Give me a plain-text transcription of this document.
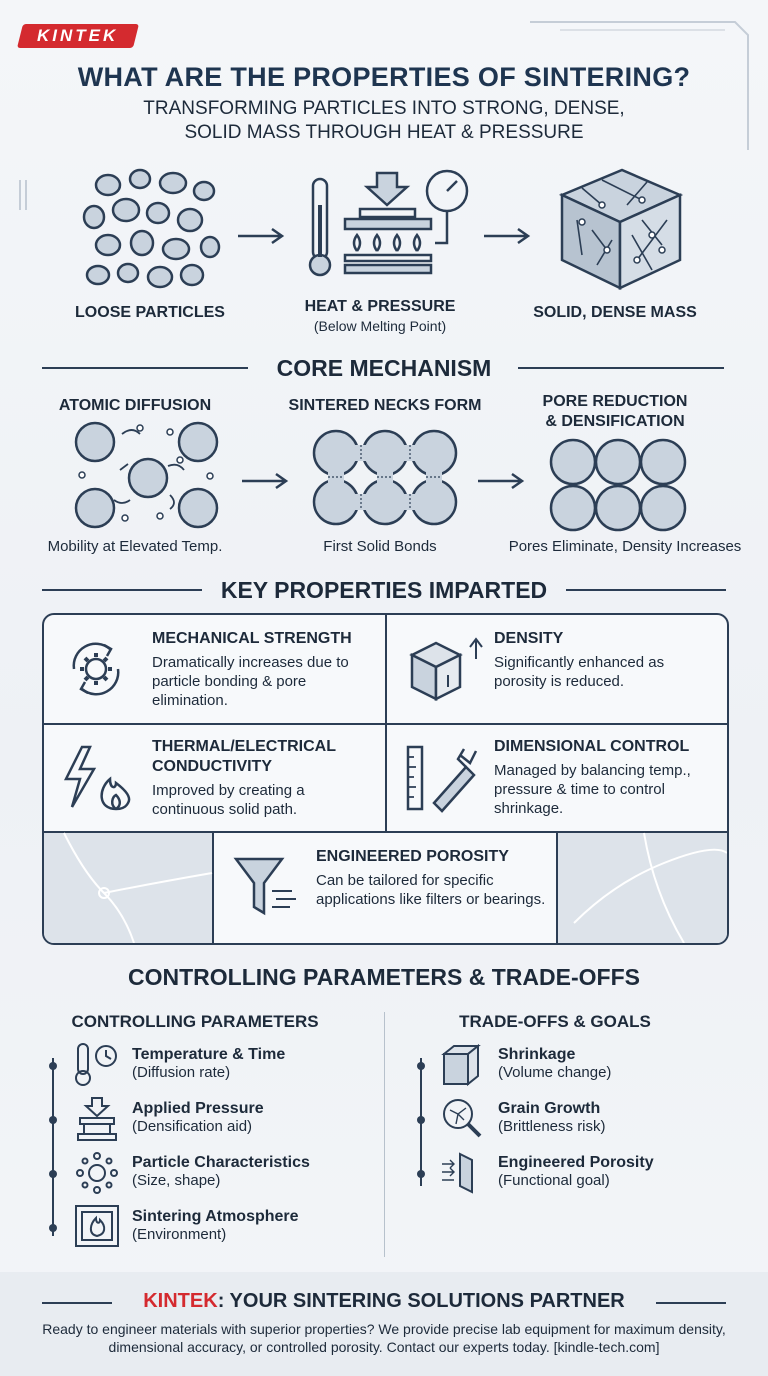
KINTEK
WHAT ARE THE PROPERTIES OF SINTERING?
TRANSFORMING PARTICLES INTO STRONG, DENSE,
SOLID MASS THROUGH HEAT & PRESSURE
LOOSE PARTICLES	HEAT & PRESSURE
(Below Melting Point)
SOLID, DENSE MASS
CORE MECHANISM
ATOMIC DIFFUSION	SINTERED NECKS FORM	PORE REDUCTION
& DENSIFICATION
Mobility at Elevated Temp.	First Solid Bonds	Pores Eliminate, Density Increases
KEY PROPERTIES IMPARTED
MECHANICAL STRENGTH
Dramatically increases due to particle bonding & pore elimination.
DENSITY
Significantly enhanced as porosity is reduced.
THERMAL/ELECTRICAL CONDUCTIVITY
Improved by creating a continuous solid path.
DIMENSIONAL CONTROL
Managed by balancing temp., pressure & time to control shrinkage.
ENGINEERED POROSITY
Can be tailored for specific applications like filters or bearings.
CONTROLLING PARAMETERS & TRADE-OFFS
CONTROLLING PARAMETERS	TRADE-OFFS & GOALS
Temperature & Time
(Diffusion rate)
Applied Pressure
(Densification aid)
Particle Characteristics
(Size, shape)
Sintering Atmosphere
(Environment)
Shrinkage
(Volume change)
Grain Growth
(Brittleness risk)
Engineered Porosity
(Functional goal)
KINTEK: YOUR SINTERING SOLUTIONS PARTNER
Ready to engineer materials with superior properties? We provide precise lab equipment for maximum density, dimensional accuracy, or controlled porosity. Contact our experts today. [kindle-tech.com]
